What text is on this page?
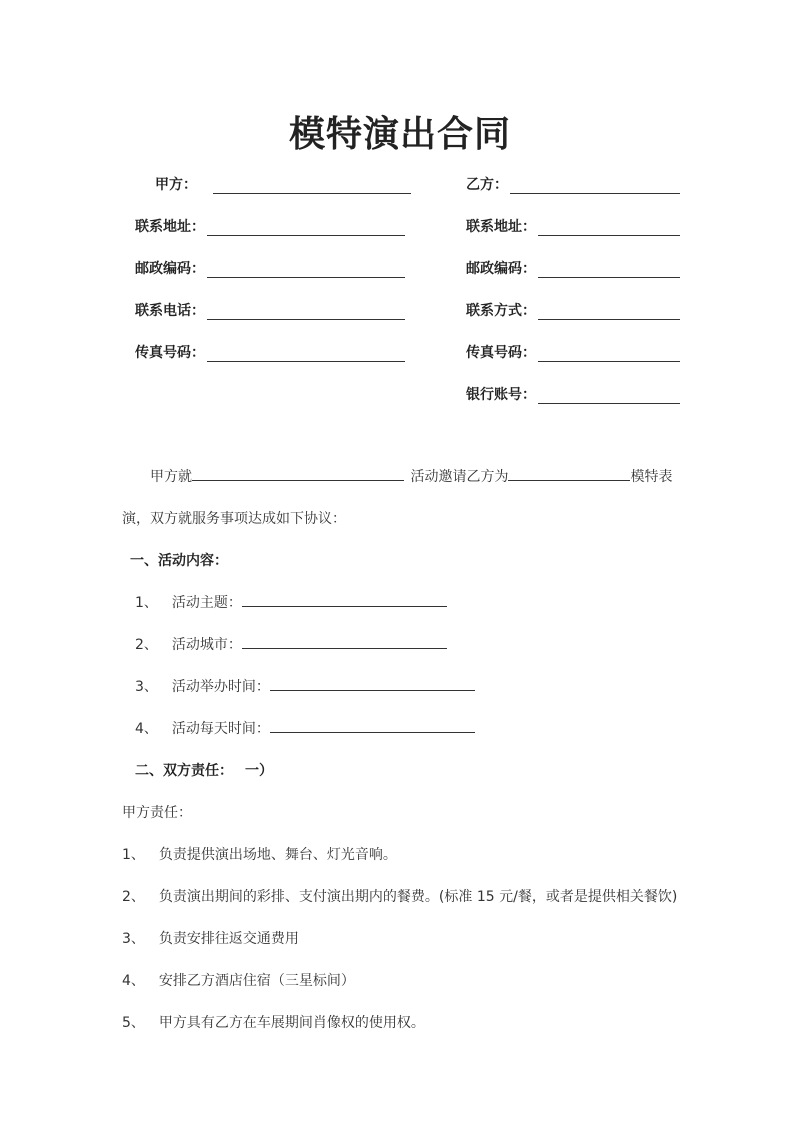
模特演出合同
甲方：
联系地址：
邮政编码：
联系电话：
传真号码：
乙方：
联系地址：
邮政编码：
联系方式：
传真号码：
银行账号：
甲方就	活动邀请乙方为	模特表
演，双方就服务事项达成如下协议：
一、活动内容：
1、 活动主题：
2、 活动城市：
3、 活动举办时间：
4、 活动每天时间：
二、双方责任： 一）
甲方责任：
1、 负责提供演出场地、舞台、灯光音响。
2、 负责演出期间的彩排、支付演出期内的餐费。(标准 15 元/餐，或者是提供相关餐饮)
3、 负责安排往返交通费用
4、 安排乙方酒店住宿（三星标间）
5、 甲方具有乙方在车展期间肖像权的使用权。
